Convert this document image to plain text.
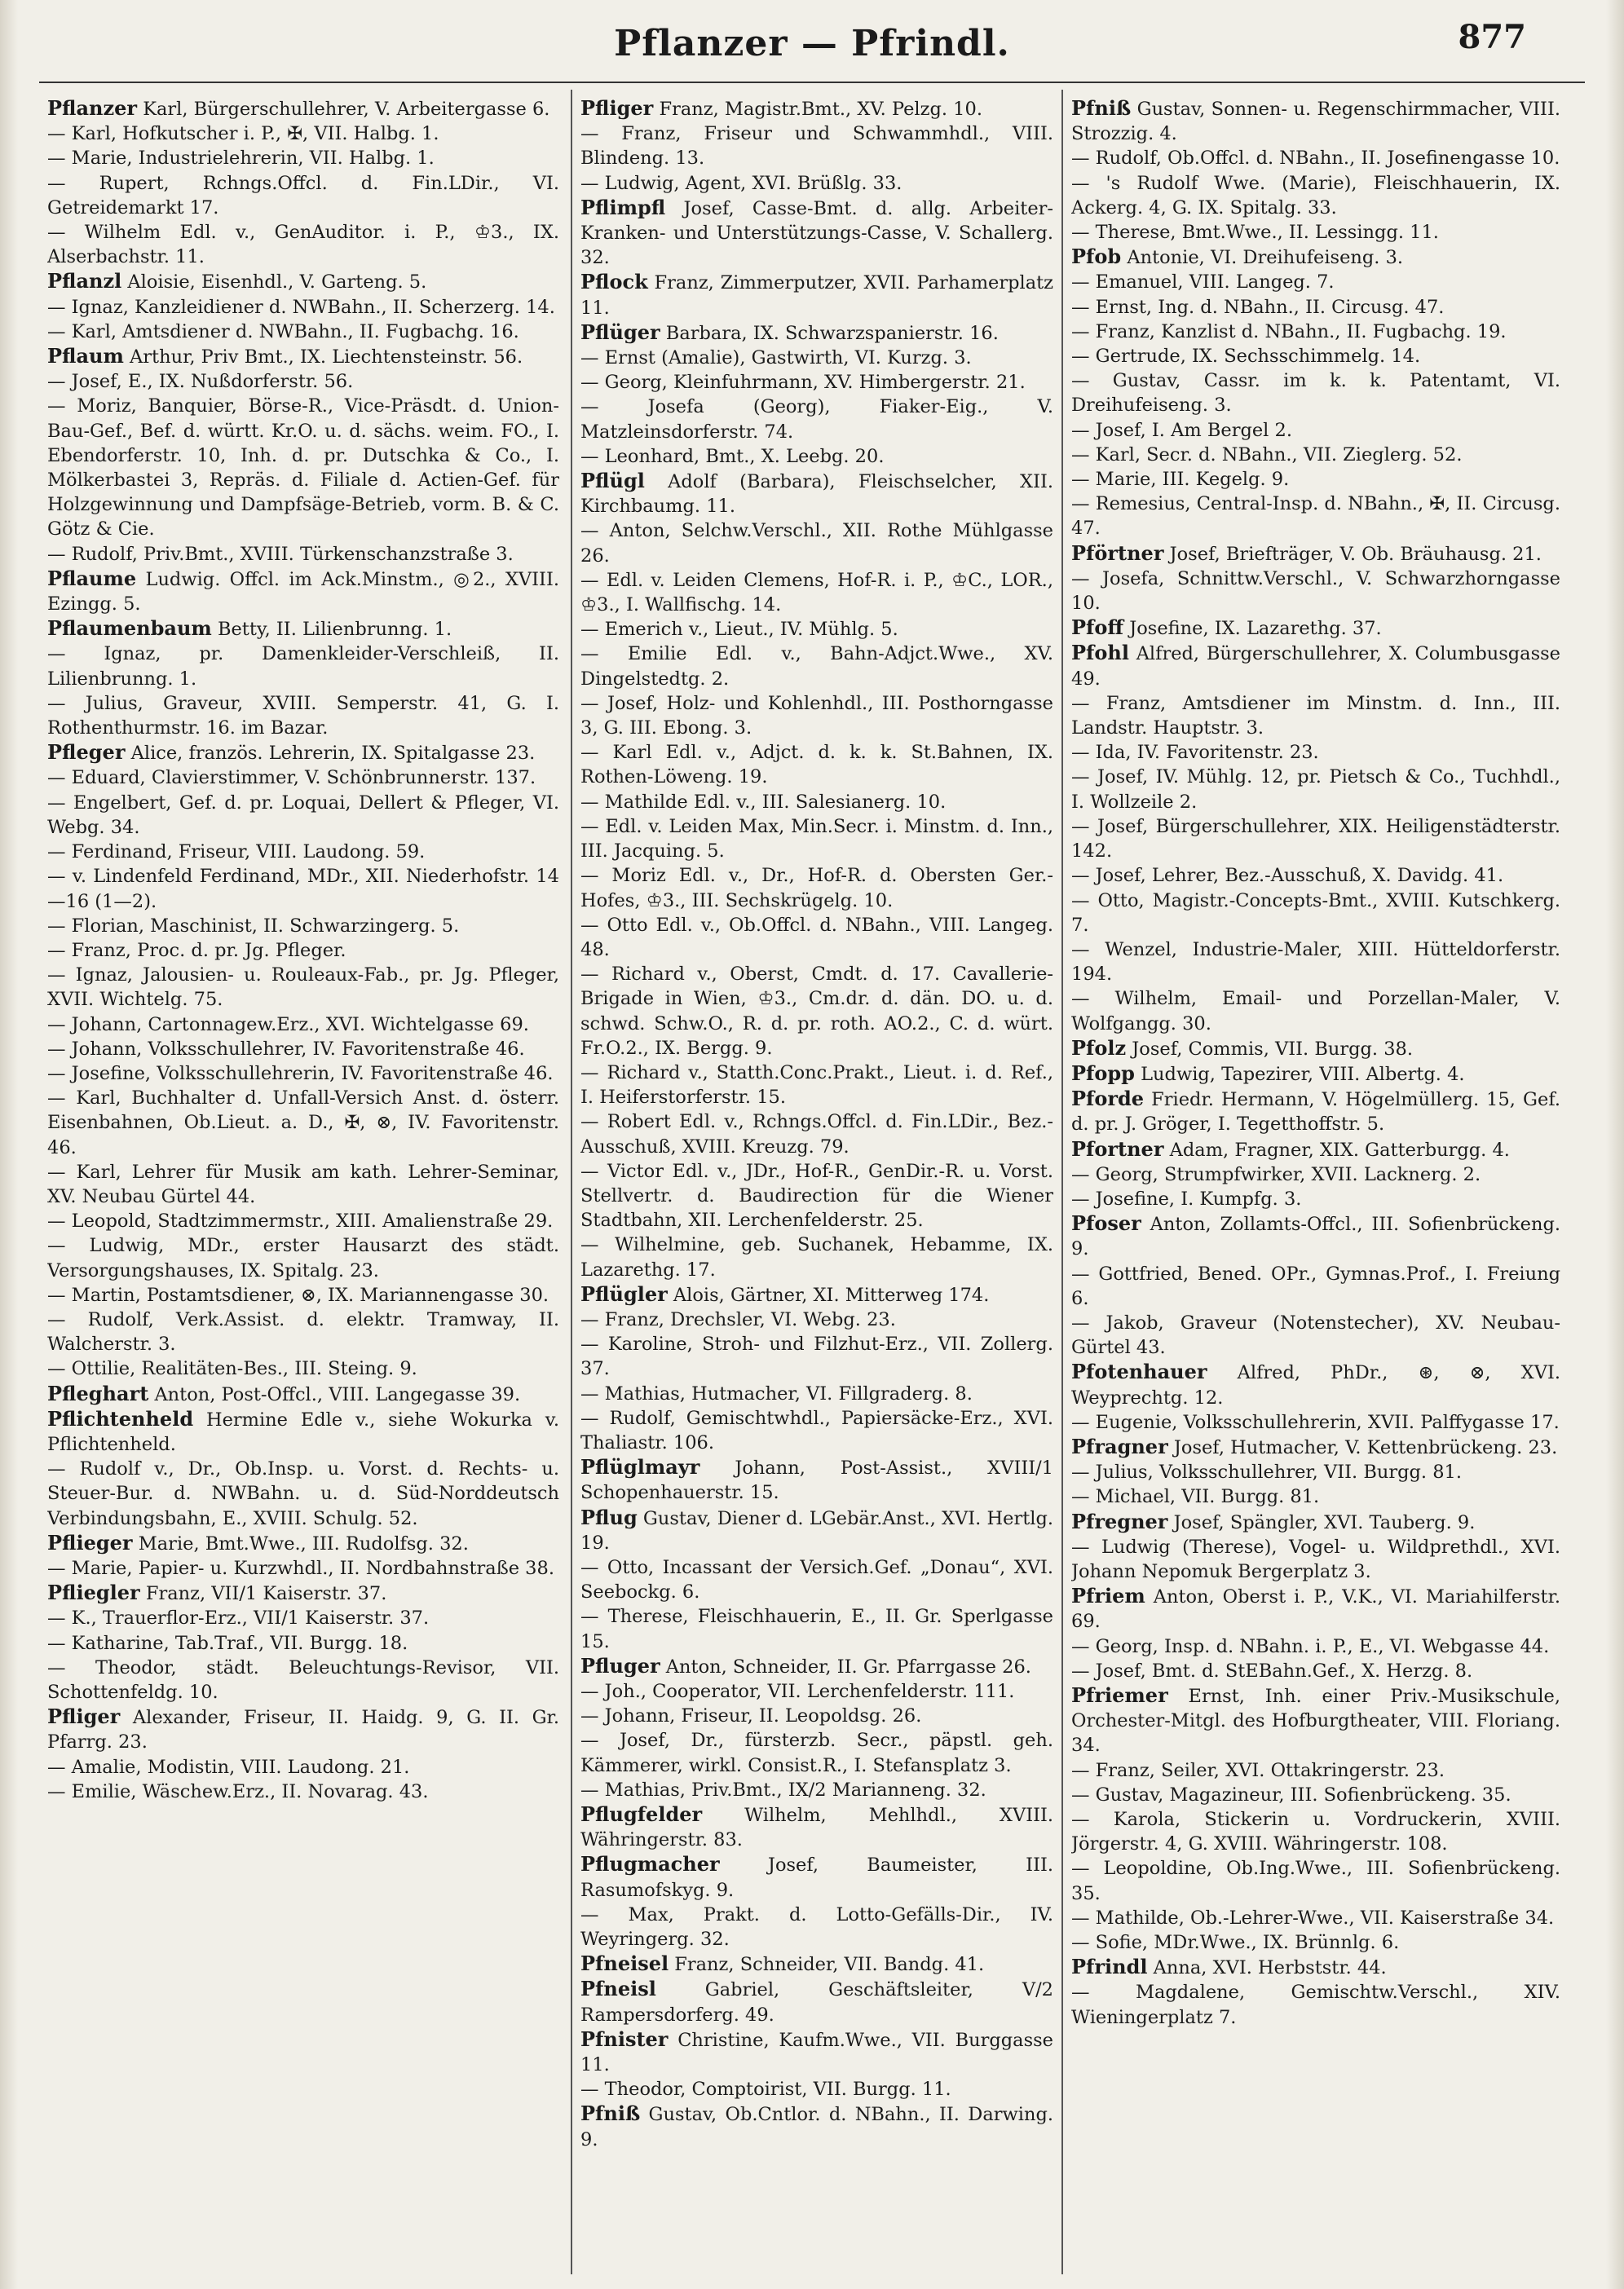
Pflanzer — Pfrindl.	877

Pflanzer Karl, Bürgerschullehrer, V. Arbeitergasse 6.

— Karl, Hofkutscher i. P., ✠, VII. Halbg. 1.

— Marie, Industrielehrerin, VII. Halbg. 1.

— Rupert, Rchngs.Offcl. d. Fin.LDir., VI. Getreidemarkt 17.

— Wilhelm Edl. v., GenAuditor. i. P., ♔3., IX. Alserbachstr. 11.

Pflanzl Aloisie, Eisenhdl., V. Garteng. 5.

— Ignaz, Kanzleidiener d. NWBahn., II. Scherzerg. 14.

— Karl, Amtsdiener d. NWBahn., II. Fugbachg. 16.

Pflaum Arthur, Priv Bmt., IX. Liechtensteinstr. 56.

— Josef, E., IX. Nußdorferstr. 56.

— Moriz, Banquier, Börse-R., Vice-Präsdt. d. Union-Bau-Gef., Bef. d. württ. Kr.O. u. d. sächs. weim. FO., I. Ebendorferstr. 10, Inh. d. pr. Dutschka & Co., I. Mölkerbastei 3, Repräs. d. Filiale d. Actien-Gef. für Holzgewinnung und Dampfsäge-Betrieb, vorm. B. & C. Götz & Cie.

— Rudolf, Priv.Bmt., XVIII. Türkenschanzstraße 3.

Pflaume Ludwig. Offcl. im Ack.Minstm., ◎2., XVIII. Ezingg. 5.

Pflaumenbaum Betty, II. Lilienbrunng. 1.

— Ignaz, pr. Damenkleider-Verschleiß, II. Lilienbrunng. 1.

— Julius, Graveur, XVIII. Semperstr. 41, G. I. Rothenthurmstr. 16. im Bazar.

Pfleger Alice, französ. Lehrerin, IX. Spitalgasse 23.

— Eduard, Clavierstimmer, V. Schönbrunnerstr. 137.

— Engelbert, Gef. d. pr. Loquai, Dellert & Pfleger, VI. Webg. 34.

— Ferdinand, Friseur, VIII. Laudong. 59.

— v. Lindenfeld Ferdinand, MDr., XII. Niederhofstr. 14—16 (1—2).

— Florian, Maschinist, II. Schwarzingerg. 5.

— Franz, Proc. d. pr. Jg. Pfleger.

— Ignaz, Jalousien- u. Rouleaux-Fab., pr. Jg. Pfleger, XVII. Wichtelg. 75.

— Johann, Cartonnagew.Erz., XVI. Wichtelgasse 69.

— Johann, Volksschullehrer, IV. Favoritenstraße 46.

— Josefine, Volksschullehrerin, IV. Favoritenstraße 46.

— Karl, Buchhalter d. Unfall-Versich Anst. d. österr. Eisenbahnen, Ob.Lieut. a. D., ✠, ⊗, IV. Favoritenstr. 46.

— Karl, Lehrer für Musik am kath. Lehrer-Seminar, XV. Neubau Gürtel 44.

— Leopold, Stadtzimmermstr., XIII. Amalienstraße 29.

— Ludwig, MDr., erster Hausarzt des städt. Versorgungshauses, IX. Spitalg. 23.

— Martin, Postamtsdiener, ⊗, IX. Mariannengasse 30.

— Rudolf, Verk.Assist. d. elektr. Tramway, II. Walcherstr. 3.

— Ottilie, Realitäten-Bes., III. Steing. 9.

Pfleghart Anton, Post-Offcl., VIII. Langegasse 39.

Pflichtenheld Hermine Edle v., siehe Wokurka v. Pflichtenheld.

— Rudolf v., Dr., Ob.Insp. u. Vorst. d. Rechts- u. Steuer-Bur. d. NWBahn. u. d. Süd-Norddeutsch Verbindungsbahn, E., XVIII. Schulg. 52.

Pflieger Marie, Bmt.Wwe., III. Rudolfsg. 32.

— Marie, Papier- u. Kurzwhdl., II. Nordbahnstraße 38.

Pfliegler Franz, VII/1 Kaiserstr. 37.

— K., Trauerflor-Erz., VII/1 Kaiserstr. 37.

— Katharine, Tab.Traf., VII. Burgg. 18.

— Theodor, städt. Beleuchtungs-Revisor, VII. Schottenfeldg. 10.

Pfliger Alexander, Friseur, II. Haidg. 9, G. II. Gr. Pfarrg. 23.

— Amalie, Modistin, VIII. Laudong. 21.

— Emilie, Wäschew.Erz., II. Novarag. 43.

Pfliger Franz, Magistr.Bmt., XV. Pelzg. 10.

— Franz, Friseur und Schwammhdl., VIII. Blindeng. 13.

— Ludwig, Agent, XVI. Brüßlg. 33.

Pflimpfl Josef, Casse-Bmt. d. allg. Arbeiter-Kranken- und Unterstützungs-Casse, V. Schallerg. 32.

Pflock Franz, Zimmerputzer, XVII. Parhamerplatz 11.

Pflüger Barbara, IX. Schwarzspanierstr. 16.

— Ernst (Amalie), Gastwirth, VI. Kurzg. 3.

— Georg, Kleinfuhrmann, XV. Himbergerstr. 21.

— Josefa (Georg), Fiaker-Eig., V. Matzleinsdorferstr. 74.

— Leonhard, Bmt., X. Leebg. 20.

Pflügl Adolf (Barbara), Fleischselcher, XII. Kirchbaumg. 11.

— Anton, Selchw.Verschl., XII. Rothe Mühlgasse 26.

— Edl. v. Leiden Clemens, Hof-R. i. P., ♔C., LOR., ♔3., I. Wallfischg. 14.

— Emerich v., Lieut., IV. Mühlg. 5.

— Emilie Edl. v., Bahn-Adjct.Wwe., XV. Dingelstedtg. 2.

— Josef, Holz- und Kohlenhdl., III. Posthorngasse 3, G. III. Ebong. 3.

— Karl Edl. v., Adjct. d. k. k. St.Bahnen, IX. Rothen-Löweng. 19.

— Mathilde Edl. v., III. Salesianerg. 10.

— Edl. v. Leiden Max, Min.Secr. i. Minstm. d. Inn., III. Jacquing. 5.

— Moriz Edl. v., Dr., Hof-R. d. Obersten Ger.-Hofes, ♔3., III. Sechskrügelg. 10.

— Otto Edl. v., Ob.Offcl. d. NBahn., VIII. Langeg. 48.

— Richard v., Oberst, Cmdt. d. 17. Cavallerie-Brigade in Wien, ♔3., Cm.dr. d. dän. DO. u. d. schwd. Schw.O., R. d. pr. roth. AO.2., C. d. würt. Fr.O.2., IX. Bergg. 9.

— Richard v., Statth.Conc.Prakt., Lieut. i. d. Ref., I. Heiferstorferstr. 15.

— Robert Edl. v., Rchngs.Offcl. d. Fin.LDir., Bez.-Ausschuß, XVIII. Kreuzg. 79.

— Victor Edl. v., JDr., Hof-R., GenDir.-R. u. Vorst. Stellvertr. d. Baudirection für die Wiener Stadtbahn, XII. Lerchenfelderstr. 25.

— Wilhelmine, geb. Suchanek, Hebamme, IX. Lazarethg. 17.

Pflügler Alois, Gärtner, XI. Mitterweg 174.

— Franz, Drechsler, VI. Webg. 23.

— Karoline, Stroh- und Filzhut-Erz., VII. Zollerg. 37.

— Mathias, Hutmacher, VI. Fillgraderg. 8.

— Rudolf, Gemischtwhdl., Papiersäcke-Erz., XVI. Thaliastr. 106.

Pflüglmayr Johann, Post-Assist., XVIII/1 Schopenhauerstr. 15.

Pflug Gustav, Diener d. LGebär.Anst., XVI. Hertlg. 19.

— Otto, Incassant der Versich.Gef. „Donau“, XVI. Seebockg. 6.

— Therese, Fleischhauerin, E., II. Gr. Sperlgasse 15.

Pfluger Anton, Schneider, II. Gr. Pfarrgasse 26.

— Joh., Cooperator, VII. Lerchenfelderstr. 111.

— Johann, Friseur, II. Leopoldsg. 26.

— Josef, Dr., fürsterzb. Secr., päpstl. geh. Kämmerer, wirkl. Consist.R., I. Stefansplatz 3.

— Mathias, Priv.Bmt., IX/2 Marianneng. 32.

Pflugfelder Wilhelm, Mehlhdl., XVIII. Währingerstr. 83.

Pflugmacher	Josef, Baumeister, III. Rasumofskyg. 9.

— Max, Prakt. d. Lotto-Gefälls-Dir., IV. Weyringerg. 32.

Pfneisel Franz, Schneider, VII. Bandg. 41.

Pfneisl	Gabriel, Geschäftsleiter, V/2 Rampersdorferg. 49.

Pfnister Christine, Kaufm.Wwe., VII. Burggasse 11.

— Theodor, Comptoirist, VII. Burgg. 11.

Pfniß Gustav, Ob.Cntlor. d. NBahn., II. Darwing. 9.

Pfniß Gustav, Sonnen- u. Regenschirmmacher, VIII. Strozzig. 4.

— Rudolf, Ob.Offcl. d. NBahn., II. Josefinengasse 10.

— 's Rudolf Wwe. (Marie), Fleischhauerin, IX. Ackerg. 4, G. IX. Spitalg. 33.

— Therese, Bmt.Wwe., II. Lessingg. 11.

Pfob Antonie, VI. Dreihufeiseng. 3.

— Emanuel, VIII. Langeg. 7.

— Ernst, Ing. d. NBahn., II. Circusg. 47.

— Franz, Kanzlist d. NBahn., II. Fugbachg. 19.

— Gertrude, IX. Sechsschimmelg. 14.

— Gustav, Cassr. im k. k. Patentamt, VI. Dreihufeiseng. 3.

— Josef, I. Am Bergel 2.

— Karl, Secr. d. NBahn., VII. Zieglerg. 52.

— Marie, III. Kegelg. 9.

— Remesius, Central-Insp. d. NBahn., ✠, II. Circusg. 47.

Pförtner Josef, Briefträger, V. Ob. Bräuhausg. 21.

— Josefa, Schnittw.Verschl., V. Schwarzhorngasse 10.

Pfoff Josefine, IX. Lazarethg. 37.

Pfohl Alfred, Bürgerschullehrer, X. Columbusgasse 49.

— Franz, Amtsdiener im Minstm. d. Inn., III. Landstr. Hauptstr. 3.

— Ida, IV. Favoritenstr. 23.

— Josef, IV. Mühlg. 12, pr. Pietsch & Co., Tuchhdl., I. Wollzeile 2.

— Josef, Bürgerschullehrer, XIX. Heiligenstädterstr. 142.

— Josef, Lehrer, Bez.-Ausschuß, X. Davidg. 41.

— Otto, Magistr.-Concepts-Bmt., XVIII. Kutschkerg. 7.

— Wenzel, Industrie-Maler, XIII. Hütteldorferstr. 194.

— Wilhelm, Email- und Porzellan-Maler, V. Wolfgangg. 30.

Pfolz Josef, Commis, VII. Burgg. 38.

Pfopp Ludwig, Tapezirer, VIII. Albertg. 4.

Pforde Friedr. Hermann, V. Högelmüllerg. 15, Gef. d. pr. J. Gröger, I. Tegetthoffstr. 5.

Pfortner Adam, Fragner, XIX. Gatterburgg. 4.

— Georg, Strumpfwirker, XVII. Lacknerg. 2.

— Josefine, I. Kumpfg. 3.

Pfoser Anton, Zollamts-Offcl., III. Sofienbrückeng. 9.

— Gottfried, Bened. OPr., Gymnas.Prof., I. Freiung 6.

— Jakob, Graveur (Notenstecher), XV. Neubau-Gürtel 43.

Pfotenhauer Alfred, PhDr., ⊛, ⊗, XVI. Weyprechtg. 12.

— Eugenie, Volksschullehrerin, XVII. Palffygasse 17.

Pfragner Josef, Hutmacher, V. Kettenbrückeng. 23.

— Julius, Volksschullehrer, VII. Burgg. 81.

— Michael, VII. Burgg. 81.

Pfregner Josef, Spängler, XVI. Tauberg. 9.

— Ludwig (Therese), Vogel- u. Wildprethdl., XVI. Johann Nepomuk Bergerplatz 3.

Pfriem Anton, Oberst i. P., V.K., VI. Mariahilferstr. 69.

— Georg, Insp. d. NBahn. i. P., E., VI. Webgasse 44.

— Josef, Bmt. d. StEBahn.Gef., X. Herzg. 8.

Pfriemer Ernst, Inh. einer Priv.-Musikschule, Orchester-Mitgl. des Hofburgtheater, VIII. Floriang. 34.

— Franz, Seiler, XVI. Ottakringerstr. 23.

— Gustav, Magazineur, III. Sofienbrückeng. 35.

— Karola, Stickerin u. Vordruckerin, XVIII. Jörgerstr. 4, G. XVIII. Währingerstr. 108.

— Leopoldine, Ob.Ing.Wwe., III. Sofienbrückeng. 35.

— Mathilde, Ob.-Lehrer-Wwe., VII. Kaiserstraße 34.

— Sofie, MDr.Wwe., IX. Brünnlg. 6.

Pfrindl Anna, XVI. Herbststr. 44.

— Magdalene, Gemischtw.Verschl., XIV. Wieningerplatz 7.
